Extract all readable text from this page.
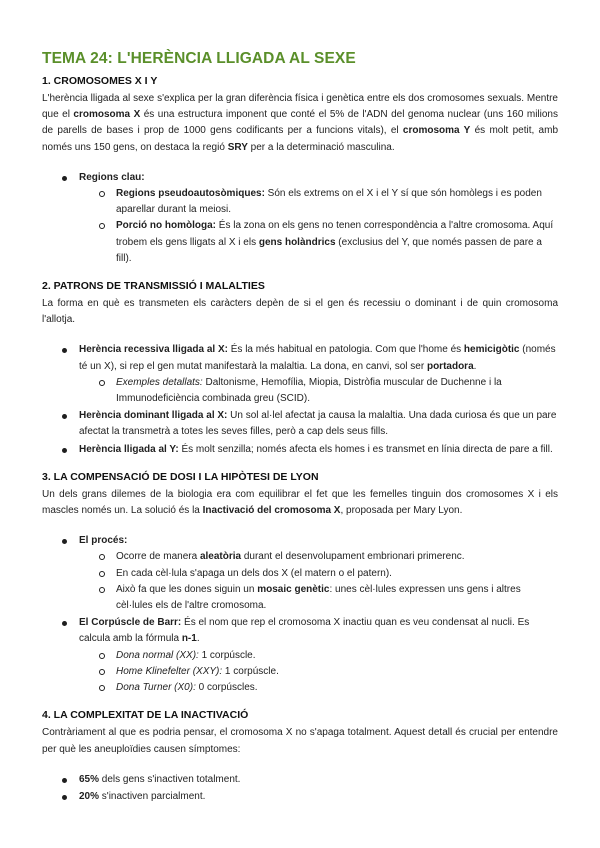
TEMA 24: L'HERÈNCIA LLIGADA AL SEXE
1. CROMOSOMES X I Y

L'herència lligada al sexe s'explica per la gran diferència física i genètica entre els dos cromosomes sexuals. Mentre que el cromosoma X és una estructura imponent que conté el 5% de l'ADN del genoma nuclear (uns 160 milions de parells de bases i prop de 1000 gens codificants per a funcions vitals), el cromosoma Y és molt petit, amb només uns 150 gens, on destaca la regió SRY per a la determinació masculina.

Regions clau:
Regions pseudoautosòmiques: Són els extrems on el X i el Y sí que són homòlegs i es poden aparellar durant la meiosi.
Porció no homòloga: És la zona on els gens no tenen correspondència a l'altre cromosoma. Aquí trobem els gens lligats al X i els gens holàndrics (exclusius del Y, que només passen de pare a fill).
2. PATRONS DE TRANSMISSIÓ I MALALTIES

La forma en què es transmeten els caràcters depèn de si el gen és recessiu o dominant i de quin cromosoma l'allotja.

Herència recessiva lligada al X: És la més habitual en patologia. Com que l'home és hemicigòtic (només té un X), si rep el gen mutat manifestarà la malaltia. La dona, en canvi, sol ser portadora.
Exemples detallats: Daltonisme, Hemofília, Miopia, Distròfia muscular de Duchenne i la Immunodeficiència combinada greu (SCID).
Herència dominant lligada al X: Un sol al·lel afectat ja causa la malaltia. Una dada curiosa és que un pare afectat la transmetrà a totes les seves filles, però a cap dels seus fills.
Herència lligada al Y: És molt senzilla; només afecta els homes i es transmet en línia directa de pare a fill.
3. LA COMPENSACIÓ DE DOSI I LA HIPÒTESI DE LYON

Un dels grans dilemes de la biologia era com equilibrar el fet que les femelles tinguin dos cromosomes X i els mascles només un. La solució és la Inactivació del cromosoma X, proposada per Mary Lyon.

El procés:
Ocorre de manera aleatòria durant el desenvolupament embrionari primerenc.
En cada cèl·lula s'apaga un dels dos X (el matern o el patern).
Això fa que les dones siguin un mosaic genètic: unes cèl·lules expressen uns gens i altres cèl·lules els de l'altre cromosoma.
El Corpúscle de Barr: És el nom que rep el cromosoma X inactiu quan es veu condensat al nucli. Es calcula amb la fórmula n-1.
Dona normal (XX): 1 corpúscle.
Home Klinefelter (XXY): 1 corpúscle.
Dona Turner (X0): 0 corpúscles.
4. LA COMPLEXITAT DE LA INACTIVACIÓ

Contràriament al que es podria pensar, el cromosoma X no s'apaga totalment. Aquest detall és crucial per entendre per què les aneuploïdies causen símptomes:

65% dels gens s'inactiven totalment.
20% s'inactiven parcialment.
